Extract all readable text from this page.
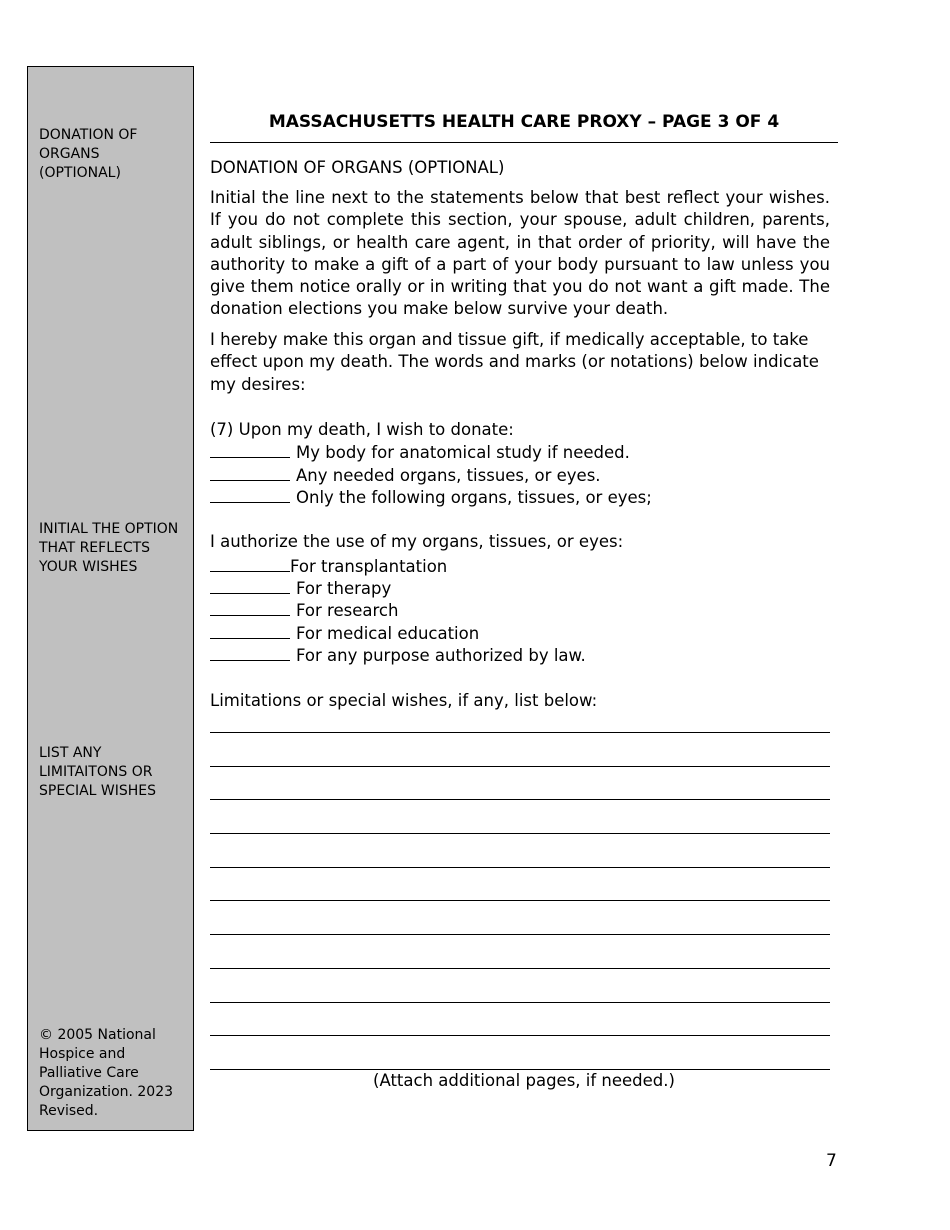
DONATION OF ORGANS (OPTIONAL)
INITIAL THE OPTION THAT REFLECTS YOUR WISHES
LIST ANY LIMITAITONS OR SPECIAL WISHES
© 2005 National Hospice and Palliative Care Organization. 2023 Revised.
MASSACHUSETTS HEALTH CARE PROXY – PAGE 3 OF 4
DONATION OF ORGANS (OPTIONAL)
Initial the line next to the statements below that best reflect your wishes. If you do not complete this section, your spouse, adult children, parents, adult siblings, or health care agent, in that order of priority, will have the authority to make a gift of a part of your body pursuant to law unless you give them notice orally or in writing that you do not want a gift made. The donation elections you make below survive your death.
I hereby make this organ and tissue gift, if medically acceptable, to take effect upon my death. The words and marks (or notations) below indicate my desires:
(7) Upon my death, I wish to donate:
My body for anatomical study if needed.
Any needed organs, tissues, or eyes.
Only the following organs, tissues, or eyes;
I authorize the use of my organs, tissues, or eyes:
For transplantation
For therapy
For research
For medical education
For any purpose authorized by law.
Limitations or special wishes, if any, list below:
(Attach additional pages, if needed.)
7
